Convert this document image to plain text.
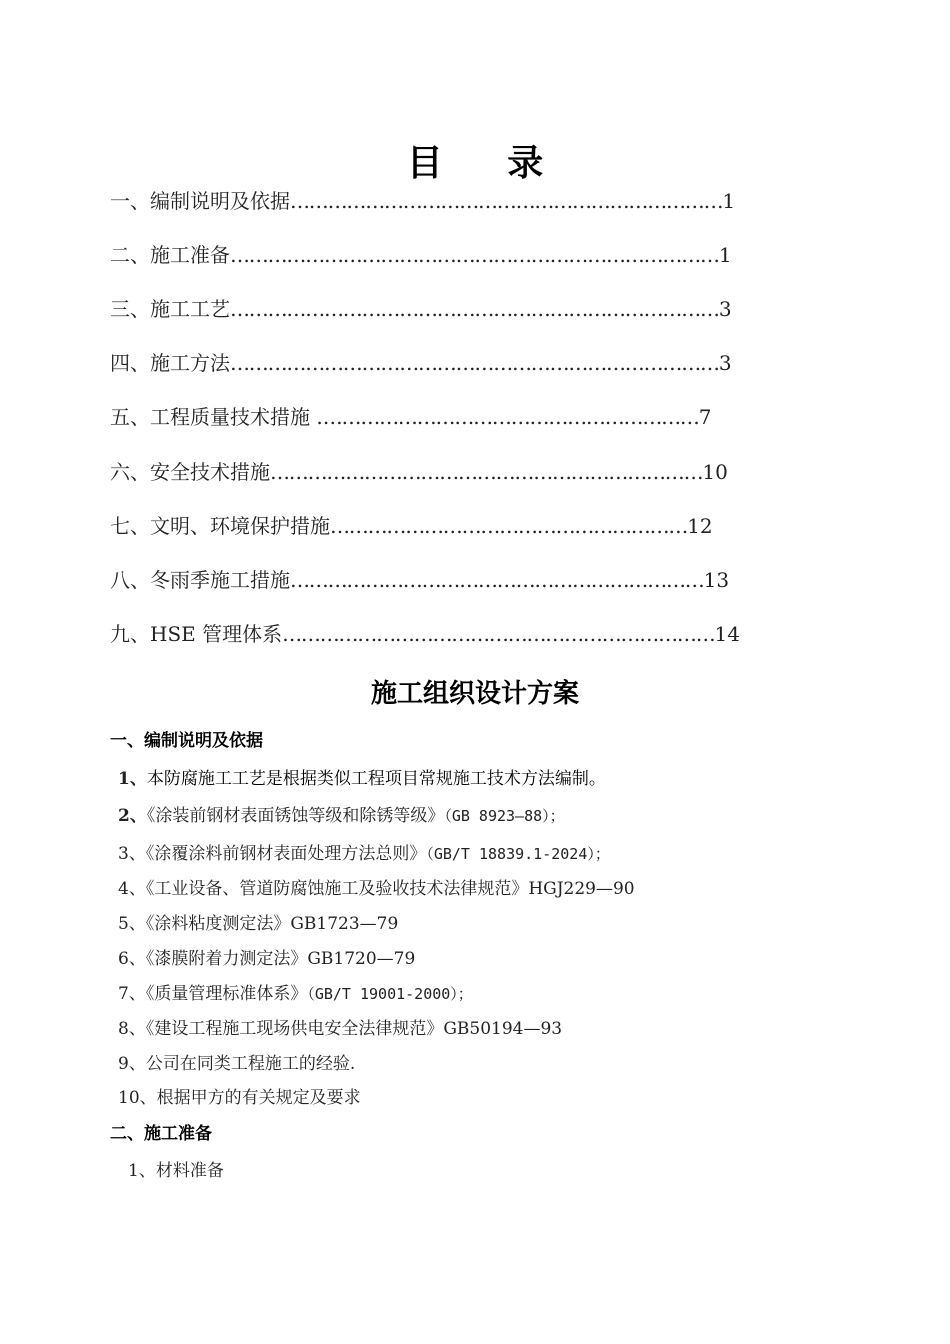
目 录
一、编制说明及依据……………………………………………………………1
二、施工准备……………………………………………………………………1
三、施工工艺……………………………………………………………………3
四、施工方法……………………………………………………………………3
五、工程质量技术措施 .……………………………………………………7
六、安全技术措施……………………………………………………………10
七、文明、环境保护措施…………………………………………………12
八、冬雨季施工措施…………………………………………………………13
九、HSE 管理体系……………………………………………………………14
施工组织设计方案
一、编制说明及依据
1、本防腐施工工艺是根据类似工程项目常规施工技术方法编制。
2、《涂装前钢材表面锈蚀等级和除锈等级》（GB 8923—88）；
3、《涂覆涂料前钢材表面处理方法总则》（GB/T 18839.1-2024）；
4、《工业设备、管道防腐蚀施工及验收技术法律规范》HGJ229—90
5、《涂料粘度测定法》GB1723—79
6、《漆膜附着力测定法》GB1720—79
7、《质量管理标准体系》（GB/T 19001-2000）；
8、《建设工程施工现场供电安全法律规范》GB50194—93
9、公司在同类工程施工的经验.
10、根据甲方的有关规定及要求
二、施工准备
1、材料准备
